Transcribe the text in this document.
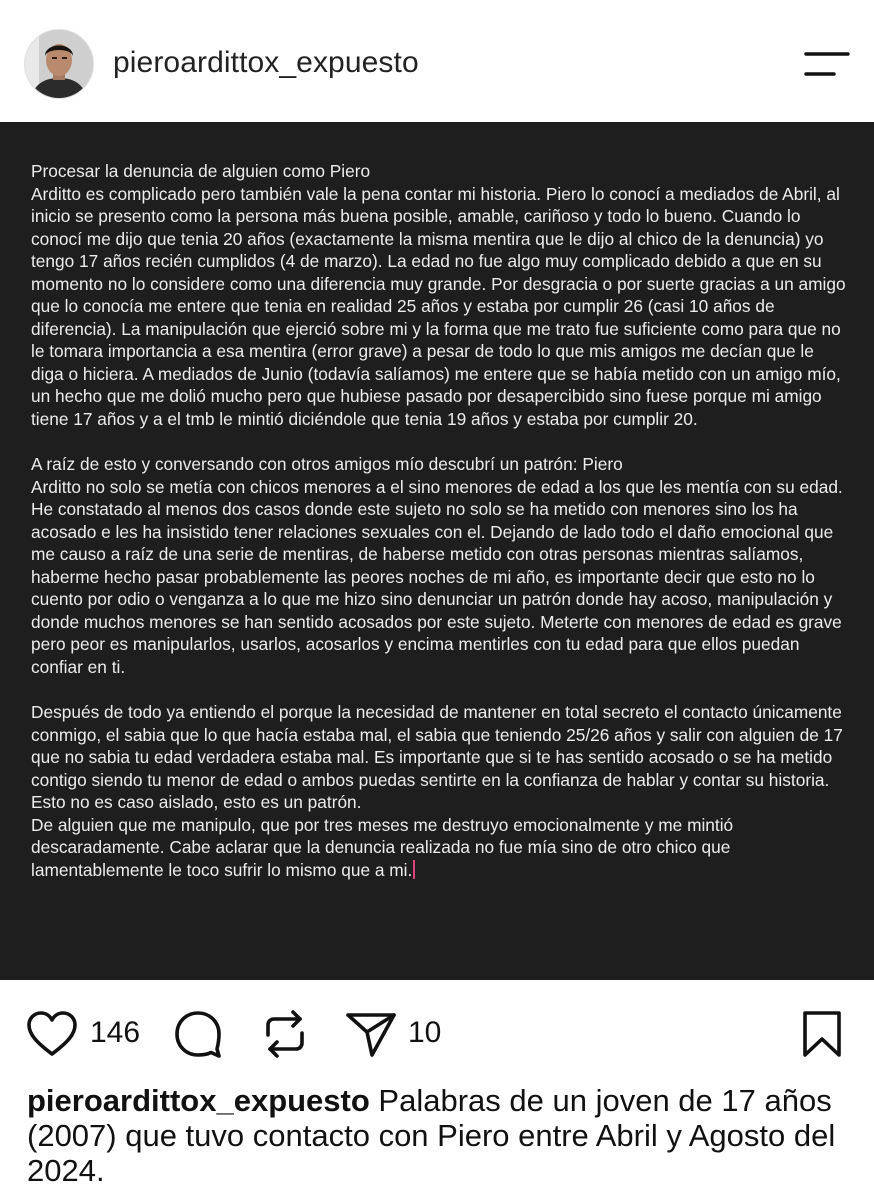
pieroardittox_expuesto

Procesar la denuncia de alguien como Piero
Arditto es complicado pero también vale la pena contar mi historia. Piero lo conocí a mediados de Abril, al inicio se presento como la persona más buena posible, amable, cariñoso y todo lo bueno. Cuando lo conocí me dijo que tenia 20 años (exactamente la misma mentira que le dijo al chico de la denuncia) yo tengo 17 años recién cumplidos (4 de marzo). La edad no fue algo muy complicado debido a que en su momento no lo considere como una diferencia muy grande. Por desgracia o por suerte gracias a un amigo que lo conocía me entere que tenia en realidad 25 años y estaba por cumplir 26 (casi 10 años de diferencia). La manipulación que ejerció sobre mi y la forma que me trato fue suficiente como para que no le tomara importancia a esa mentira (error grave) a pesar de todo lo que mis amigos me decían que le diga o hiciera. A mediados de Junio (todavía salíamos) me entere que se había metido con un amigo mío, un hecho que me dolió mucho pero que hubiese pasado por desapercibido sino fuese porque mi amigo tiene 17 años y a el tmb le mintió diciéndole que tenia 19 años y estaba por cumplir 20.

A raíz de esto y conversando con otros amigos mío descubrí un patrón: Piero
Arditto no solo se metía con chicos menores a el sino menores de edad a los que les mentía con su edad. He constatado al menos dos casos donde este sujeto no solo se ha metido con menores sino los ha acosado e les ha insistido tener relaciones sexuales con el. Dejando de lado todo el daño emocional que me causo a raíz de una serie de mentiras, de haberse metido con otras personas mientras salíamos, haberme hecho pasar probablemente las peores noches de mi año, es importante decir que esto no lo cuento por odio o venganza a lo que me hizo sino denunciar un patrón donde hay acoso, manipulación y donde muchos menores se han sentido acosados por este sujeto. Meterte con menores de edad es grave pero peor es manipularlos, usarlos, acosarlos y encima mentirles con tu edad para que ellos puedan confiar en ti.

Después de todo ya entiendo el porque la necesidad de mantener en total secreto el contacto únicamente conmigo, el sabia que lo que hacía estaba mal, el sabia que teniendo 25/26 años y salir con alguien de 17 que no sabia tu edad verdadera estaba mal. Es importante que si te has sentido acosado o se ha metido contigo siendo tu menor de edad o ambos puedas sentirte en la confianza de hablar y contar su historia.
Esto no es caso aislado, esto es un patrón.
De alguien que me manipulo, que por tres meses me destruyo emocionalmente y me mintió descaradamente. Cabe aclarar que la denuncia realizada no fue mía sino de otro chico que lamentablemente le toco sufrir lo mismo que a mi.

146	10

pieroardittox_expuesto Palabras de un joven de 17 años (2007) que tuvo contacto con Piero entre Abril y Agosto del 2024.
